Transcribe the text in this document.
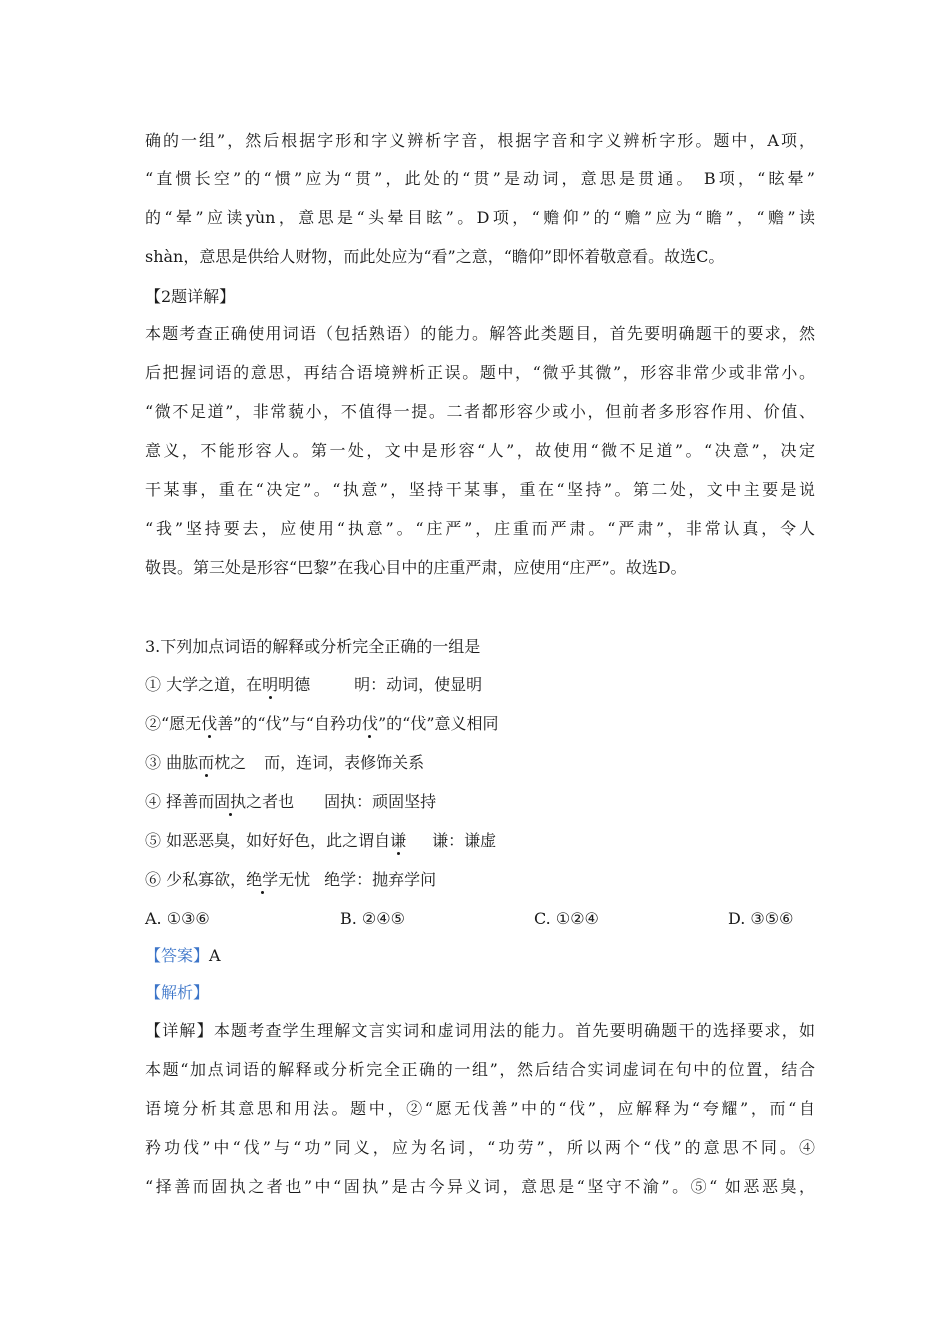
确的一组”，然后根据字形和字义辨析字音，根据字音和字义辨析字形。题中，A项，
“直惯长空”的“惯”应为“贯”，此处的“贯”是动词，意思是贯通。 B项，“眩晕”
的“晕”应读yùn，意思是“头晕目眩”。D项，“赡仰”的“赡”应为“瞻”，“赡”读
shàn，意思是供给人财物，而此处应为“看”之意，“瞻仰”即怀着敬意看。故选C。
【2题详解】
本题考查正确使用词语（包括熟语）的能力。解答此类题目，首先要明确题干的要求，然
后把握词语的意思，再结合语境辨析正误。题中，“微乎其微”，形容非常少或非常小。
“微不足道”，非常藐小，不值得一提。二者都形容少或小，但前者多形容作用、价值、
意义，不能形容人。第一处，文中是形容“人”，故使用“微不足道”。“决意”，决定
干某事，重在“决定”。“执意”，坚持干某事，重在“坚持”。第二处，文中主要是说
“我”坚持要去，应使用“执意”。“庄严”，庄重而严肃。“严肃”，非常认真，令人
敬畏。第三处是形容“巴黎”在我心目中的庄重严肃，应使用“庄严”。故选D。
3.下列加点词语的解释或分析完全正确的一组是
① 大学之道，在明明德	明：动词，使显明
②“愿无伐善”的“伐”与“自矜功伐”的“伐”意义相同
③ 曲肱而枕之 而，连词，表修饰关系
④ 择善而固执之者也 固执：顽固坚持
⑤ 如恶恶臭，如好好色，此之谓自谦 谦：谦虚
⑥ 少私寡欲，绝学无忧 绝学：抛弃学问
A. ①③⑥	B. ②④⑤	C. ①②④	D. ③⑤⑥
【答案】A
【解析】
【详解】本题考查学生理解文言实词和虚词用法的能力。首先要明确题干的选择要求，如
本题“加点词语的解释或分析完全正确的一组”，然后结合实词虚词在句中的位置，结合
语境分析其意思和用法。题中，②“愿无伐善”中的“伐”，应解释为“夸耀”，而“自
矜功伐”中“伐”与“功”同义，应为名词，“功劳”，所以两个“伐”的意思不同。④
“择善而固执之者也”中“固执”是古今异义词，意思是“坚守不渝”。⑤“ 如恶恶臭，
